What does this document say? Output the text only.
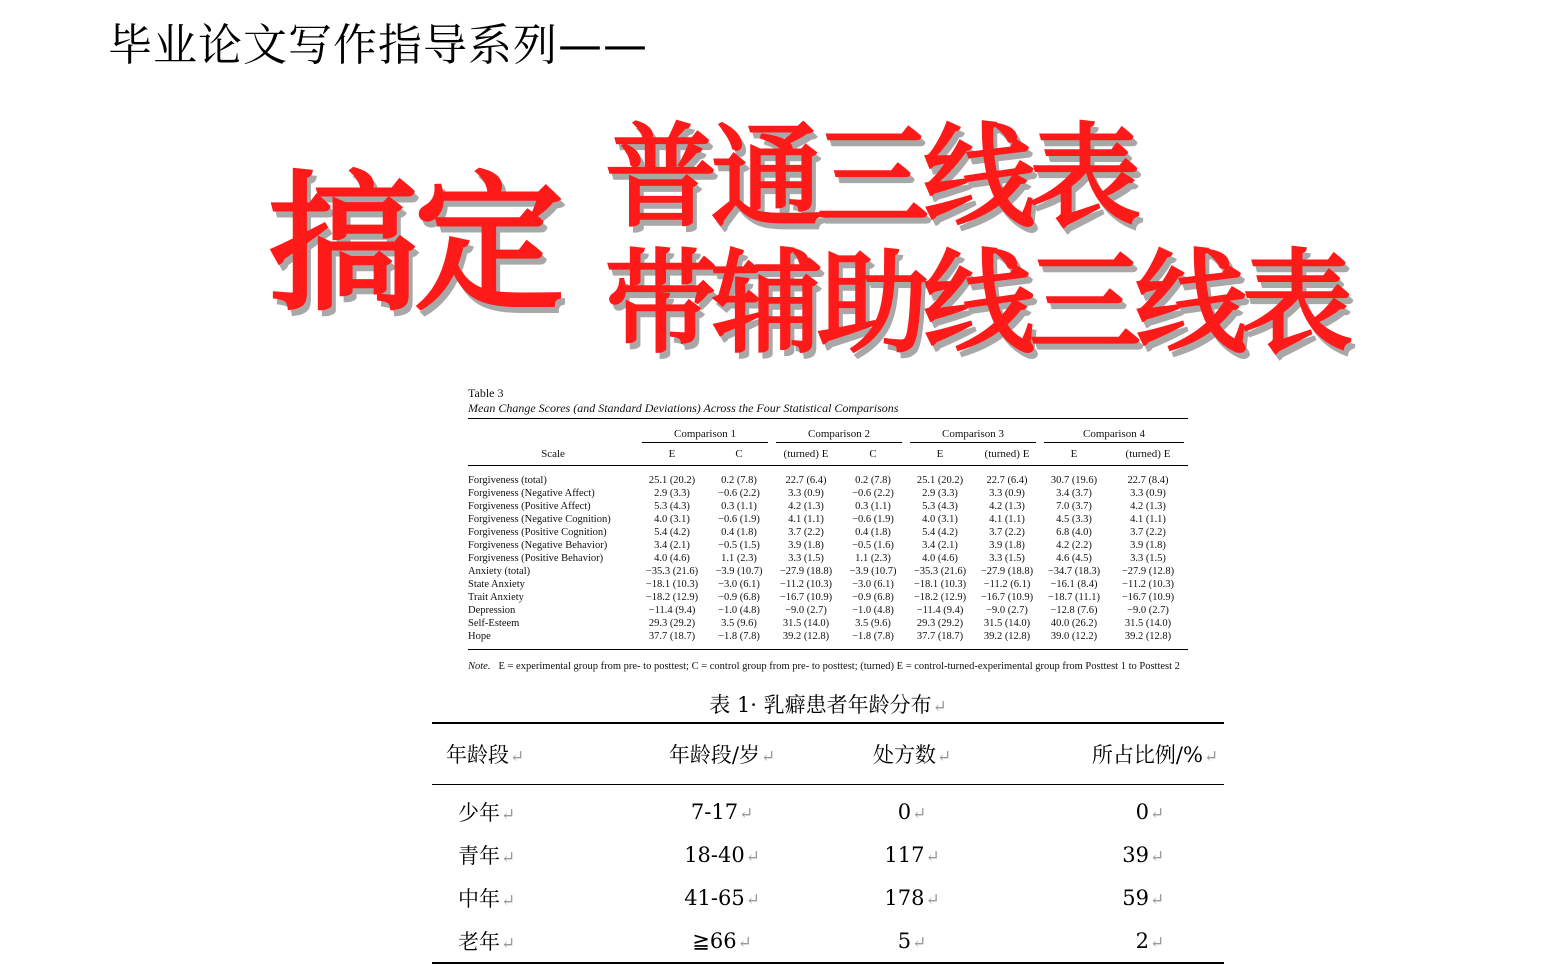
毕业论文写作指导系列——
搞定 普通三线表
带辅助线三线表
Table 3
Mean Change Scores (and Standard Deviations) Across the Four Statistical Comparisons

	Comparison 1		Comparison 2		Comparison 3		Comparison 4	

Scale	E	C	(turned) E	C	E	(turned) E	E	(turned) E
Forgiveness (total)	25.1 (20.2)	0.2 (7.8)	22.7 (6.4)	0.2 (7.8)	25.1 (20.2)	22.7 (6.4)	30.7 (19.6)	22.7 (8.4)
Forgiveness (Negative Affect)	2.9 (3.3)	−0.6 (2.2)	3.3 (0.9)	−0.6 (2.2)	2.9 (3.3)	3.3 (0.9)	3.4 (3.7)	3.3 (0.9)
Forgiveness (Positive Affect)	5.3 (4.3)	0.3 (1.1)	4.2 (1.3)	0.3 (1.1)	5.3 (4.3)	4.2 (1.3)	7.0 (3.7)	4.2 (1.3)
Forgiveness (Negative Cognition)	4.0 (3.1)	−0.6 (1.9)	4.1 (1.1)	−0.6 (1.9)	4.0 (3.1)	4.1 (1.1)	4.5 (3.3)	4.1 (1.1)
Forgiveness (Positive Cognition)	5.4 (4.2)	0.4 (1.8)	3.7 (2.2)	0.4 (1.8)	5.4 (4.2)	3.7 (2.2)	6.8 (4.0)	3.7 (2.2)
Forgiveness (Negative Behavior)	3.4 (2.1)	−0.5 (1.5)	3.9 (1.8)	−0.5 (1.6)	3.4 (2.1)	3.9 (1.8)	4.2 (2.2)	3.9 (1.8)
Forgiveness (Positive Behavior)	4.0 (4.6)	1.1 (2.3)	3.3 (1.5)	1.1 (2.3)	4.0 (4.6)	3.3 (1.5)	4.6 (4.5)	3.3 (1.5)
Anxiety (total)	−35.3 (21.6)	−3.9 (10.7)	−27.9 (18.8)	−3.9 (10.7)	−35.3 (21.6)	−27.9 (18.8)	−34.7 (18.3)	−27.9 (12.8)
State Anxiety	−18.1 (10.3)	−3.0 (6.1)	−11.2 (10.3)	−3.0 (6.1)	−18.1 (10.3)	−11.2 (6.1)	−16.1 (8.4)	−11.2 (10.3)
Trait Anxiety	−18.2 (12.9)	−0.9 (6.8)	−16.7 (10.9)	−0.9 (6.8)	−18.2 (12.9)	−16.7 (10.9)	−18.7 (11.1)	−16.7 (10.9)
Depression	−11.4 (9.4)	−1.0 (4.8)	−9.0 (2.7)	−1.0 (4.8)	−11.4 (9.4)	−9.0 (2.7)	−12.8 (7.6)	−9.0 (2.7)
Self-Esteem	29.3 (29.2)	3.5 (9.6)	31.5 (14.0)	3.5 (9.6)	29.3 (29.2)	31.5 (14.0)	40.0 (26.2)	31.5 (14.0)
Hope	37.7 (18.7)	−1.8 (7.8)	39.2 (12.8)	−1.8 (7.8)	37.7 (18.7)	39.2 (12.8)	39.0 (12.2)	39.2 (12.8)
Note. E = experimental group from pre- to posttest; C = control group from pre- to posttest; (turned) E = control-turned-experimental group from Posttest 1 to Posttest 2
表 1· 乳癖患者年龄分布↵
年龄段↵	年龄段/岁↵	处方数↵	所占比例/%↵
少年↵	7-17↵	0↵	0↵
青年↵	18-40↵	117↵	39↵
中年↵	41-65↵	178↵	59↵
老年↵	≧66↵	5↵	2↵
